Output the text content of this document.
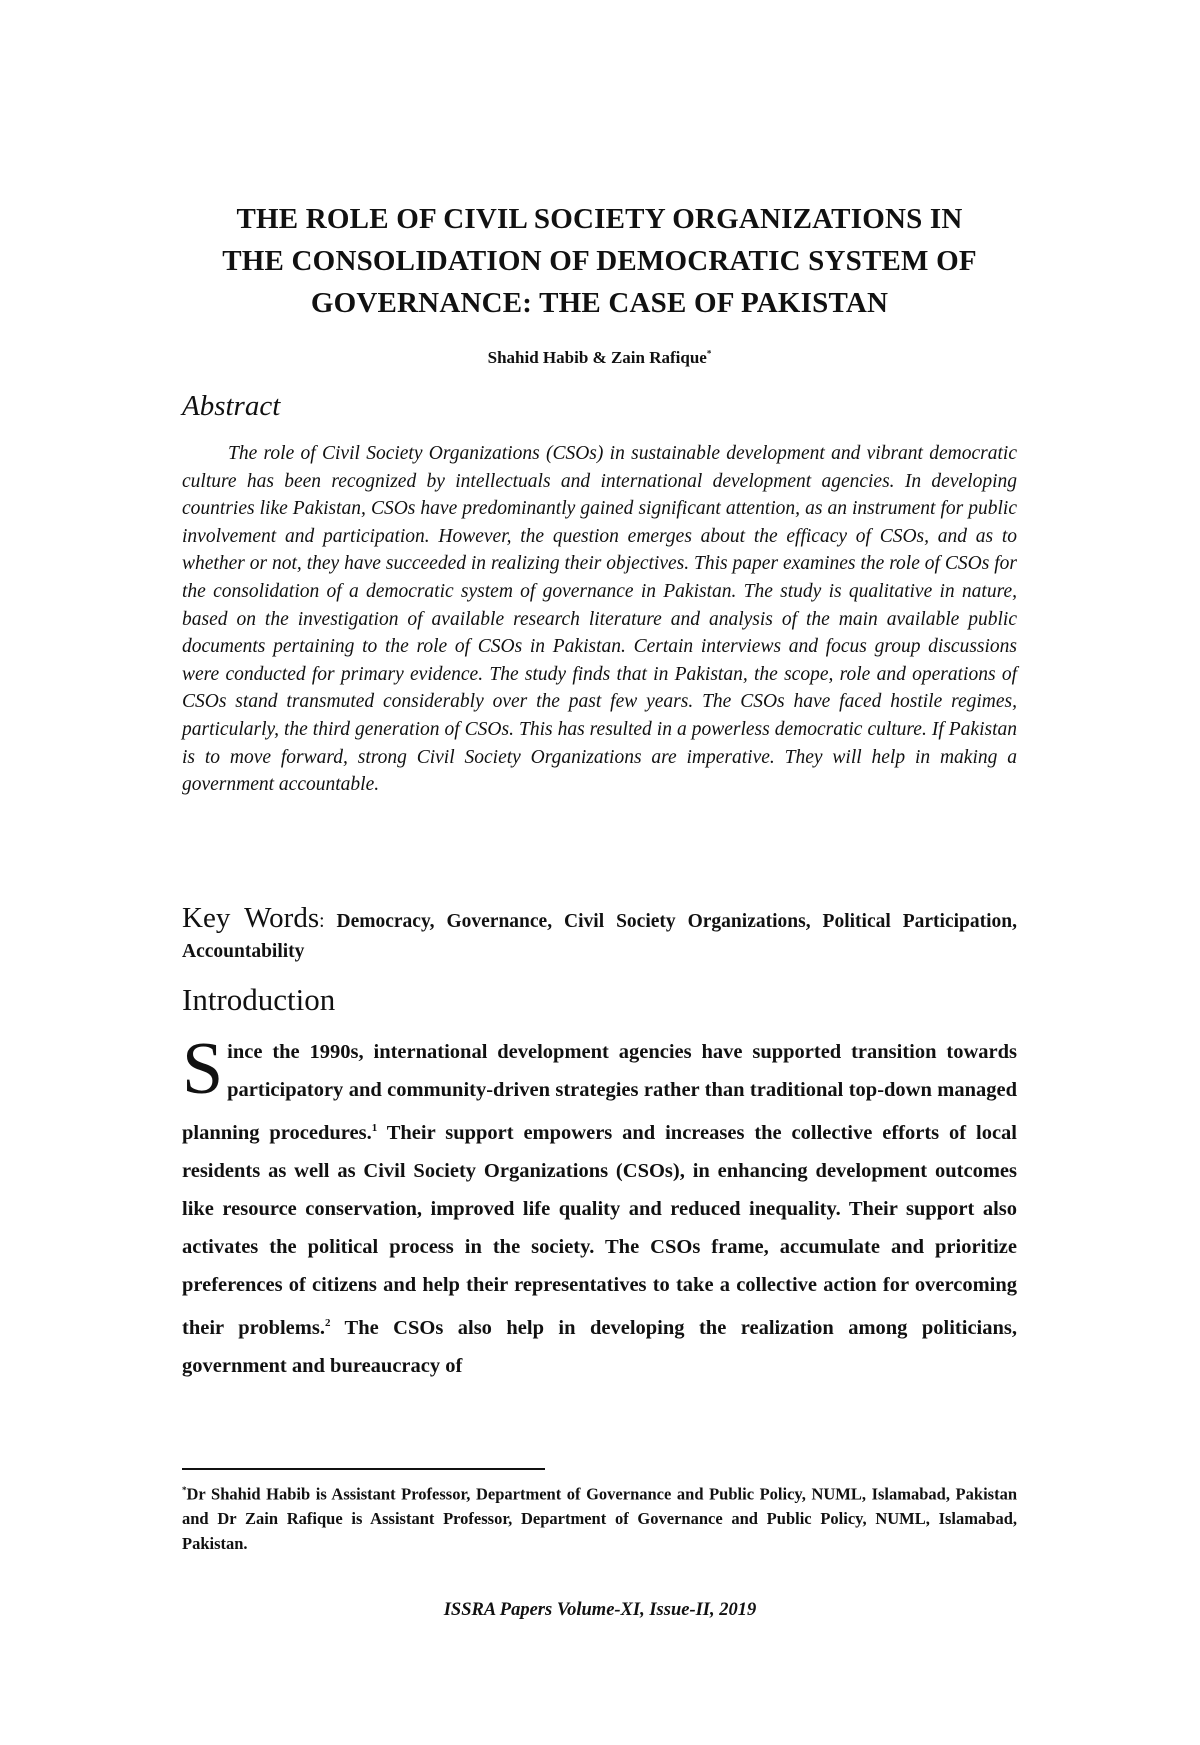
THE ROLE OF CIVIL SOCIETY ORGANIZATIONS IN
THE CONSOLIDATION OF DEMOCRATIC SYSTEM OF
GOVERNANCE: THE CASE OF PAKISTAN
Shahid Habib & Zain Rafique*
Abstract
The role of Civil Society Organizations (CSOs) in sustainable development and vibrant democratic culture has been recognized by intellectuals and international development agencies. In developing countries like Pakistan, CSOs have predominantly gained significant attention, as an instrument for public involvement and participation. However, the question emerges about the efficacy of CSOs, and as to whether or not, they have succeeded in realizing their objectives. This paper examines the role of CSOs for the consolidation of a democratic system of governance in Pakistan. The study is qualitative in nature, based on the investigation of available research literature and analysis of the main available public documents pertaining to the role of CSOs in Pakistan. Certain interviews and focus group discussions were conducted for primary evidence. The study finds that in Pakistan, the scope, role and operations of CSOs stand transmuted considerably over the past few years. The CSOs have faced hostile regimes, particularly, the third generation of CSOs. This has resulted in a powerless democratic culture. If Pakistan is to move forward, strong Civil Society Organizations are imperative. They will help in making a government accountable.
Key Words: Democracy, Governance, Civil Society Organizations, Political Participation, Accountability
Introduction
Since the 1990s, international development agencies have supported transition towards participatory and community-driven strategies rather than traditional top-down managed planning procedures.$^1$ Their support empowers and increases the collective efforts of local residents as well as Civil Society Organizations (CSOs), in enhancing development outcomes like resource conservation, improved life quality and reduced inequality. Their support also activates the political process in the society. The CSOs frame, accumulate and prioritize preferences of citizens and help their representatives to take a collective action for overcoming their problems.$^2$ The CSOs also help in developing the realization among politicians, government and bureaucracy of
*Dr Shahid Habib is Assistant Professor, Department of Governance and Public Policy, NUML, Islamabad, Pakistan and Dr Zain Rafique is Assistant Professor, Department of Governance and Public Policy, NUML, Islamabad, Pakistan.
ISSRA Papers Volume-XI, Issue-II, 2019
